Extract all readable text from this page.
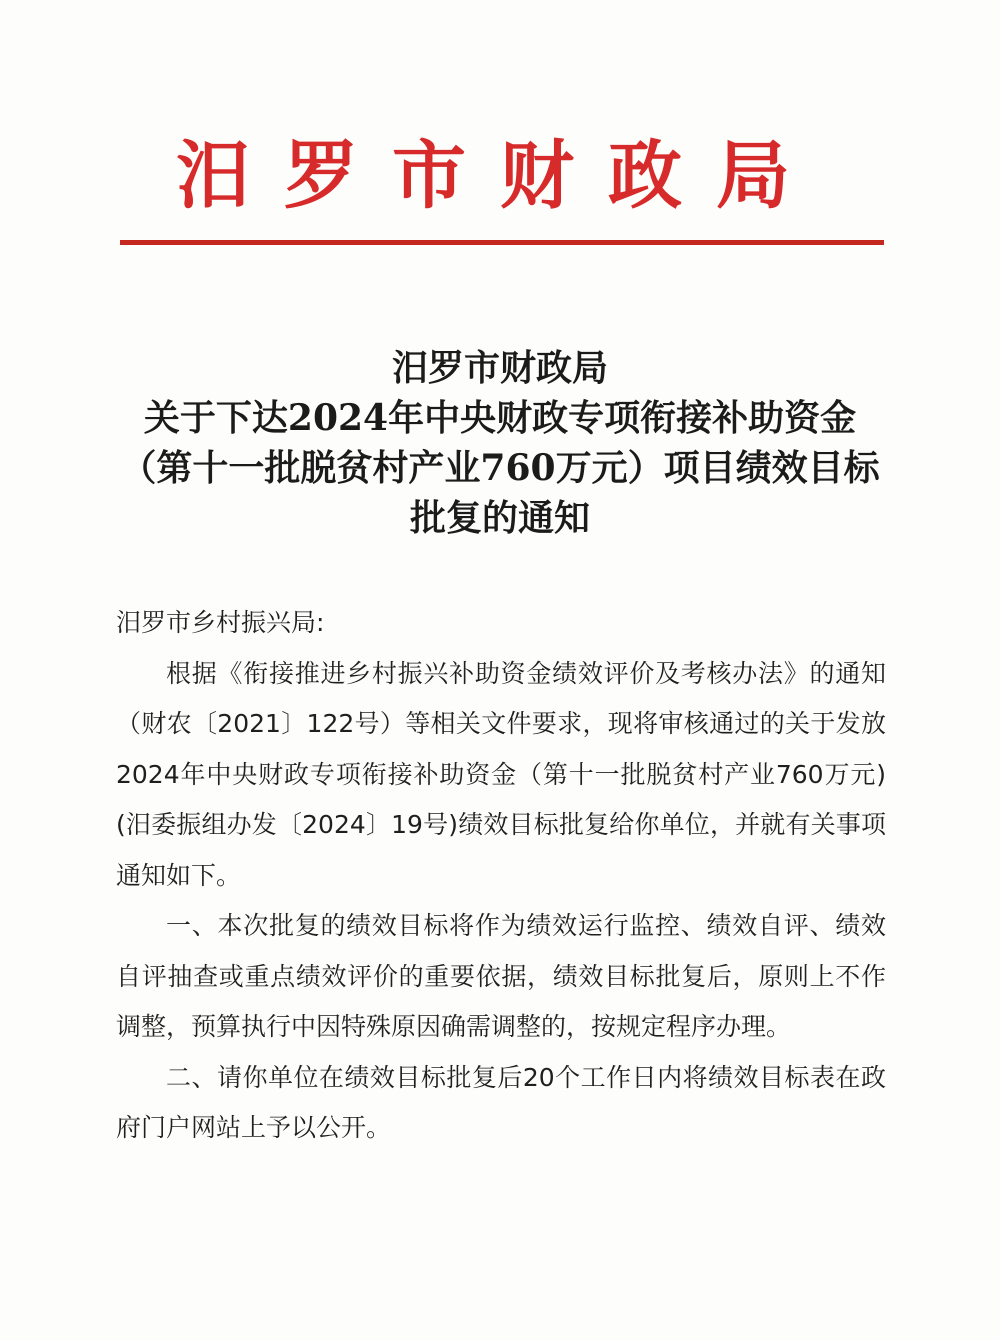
汨罗市财政局
汨罗市财政局
关于下达2024年中央财政专项衔接补助资金
（第十一批脱贫村产业760万元）项目绩效目标
批复的通知

汨罗市乡村振兴局:

根据《衔接推进乡村振兴补助资金绩效评价及考核办法》的通知（财农〔2021〕122号）等相关文件要求，现将审核通过的关于发放2024年中央财政专项衔接补助资金（第十一批脱贫村产业760万元)(汨委振组办发〔2024〕19号)绩效目标批复给你单位，并就有关事项通知如下。

一、本次批复的绩效目标将作为绩效运行监控、绩效自评、绩效自评抽查或重点绩效评价的重要依据，绩效目标批复后，原则上不作调整，预算执行中因特殊原因确需调整的，按规定程序办理。

二、请你单位在绩效目标批复后20个工作日内将绩效目标表在政府门户网站上予以公开。
